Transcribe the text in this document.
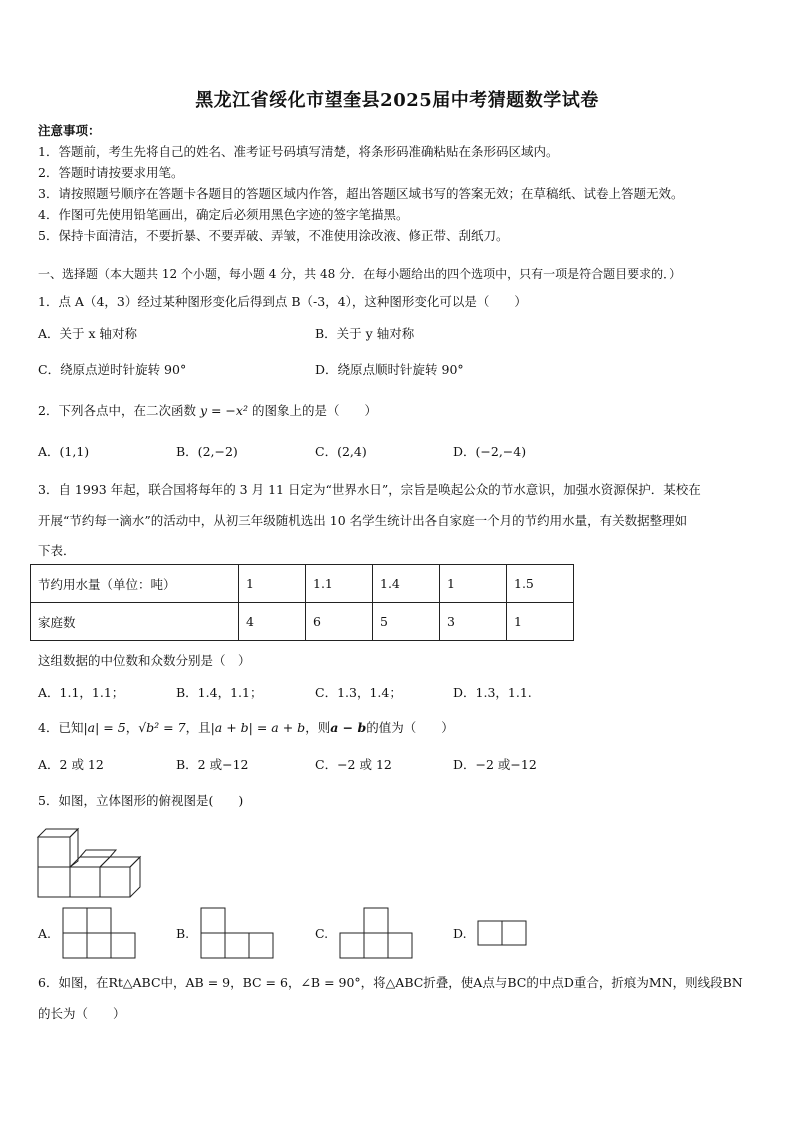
黑龙江省绥化市望奎县2025届中考猜题数学试卷
注意事项：
1．答题前，考生先将自己的姓名、准考证号码填写清楚，将条形码准确粘贴在条形码区域内。
2．答题时请按要求用笔。
3．请按照题号顺序在答题卡各题目的答题区域内作答，超出答题区域书写的答案无效；在草稿纸、试卷上答题无效。
4．作图可先使用铅笔画出，确定后必须用黑色字迹的签字笔描黑。
5．保持卡面清洁，不要折暴、不要弄破、弄皱，不准使用涂改液、修正带、刮纸刀。
一、选择题（本大题共 12 个小题，每小题 4 分，共 48 分．在每小题给出的四个选项中，只有一项是符合题目要求的．）
1．点 A（4，3）经过某种图形变化后得到点 B（-3，4），这种图形变化可以是（　　）
A．关于 x 轴对称	B．关于 y 轴对称
C．绕原点逆时针旋转 90°	D．绕原点顺时针旋转 90°
2．下列各点中，在二次函数 y = −x² 的图象上的是（　　）
A．(1,1)	B．(2,−2)	C．(2,4)	D．(−2,−4)
3．自 1993 年起，联合国将每年的 3 月 11 日定为“世界水日”，宗旨是唤起公众的节水意识，加强水资源保护．某校在
开展“节约每一滴水”的活动中，从初三年级随机选出 10 名学生统计出各自家庭一个月的节约用水量，有关数据整理如
下表．
节约用水量（单位：吨）	1	1.1	1.4	1	1.5
家庭数	4	6	5	3	1
这组数据的中位数和众数分别是（　）
A．1.1，1.1；	B．1.4，1.1；	C．1.3，1.4；	D．1.3，1.1.
4．已知|a| = 5，√b² = 7，且|a + b| = a + b，则a − b的值为（　　）
A．2 或 12	B．2 或−12	C．−2 或 12	D．−2 或−12
5．如图，立体图形的俯视图是(　　)
A.	B.	C.	D.
6．如图，在Rt△ABC中，AB = 9，BC = 6，∠B = 90°，将△ABC折叠，使A点与BC的中点D重合，折痕为MN，则线段BN
的长为（　　）
